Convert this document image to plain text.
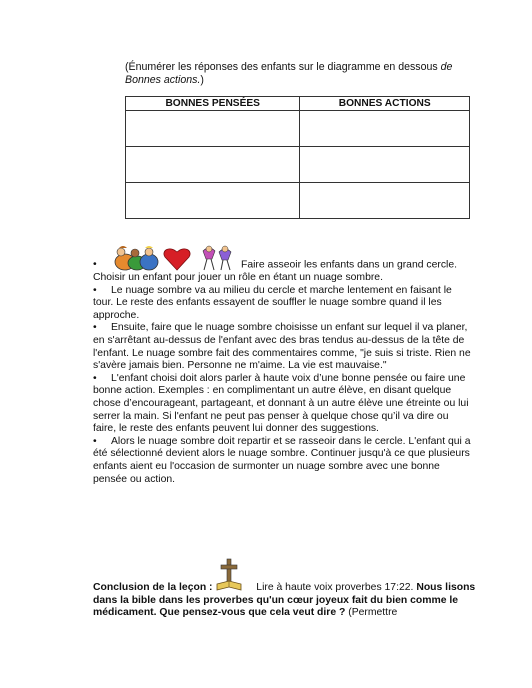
(Énumérer les réponses des enfants sur le diagramme en dessous de Bonnes actions.)
BONNES PENSÉES	BONNES ACTIONS

•	Faire asseoir les enfants dans un grand cercle. Choisir un enfant pour jouer un rôle en étant un nuage sombre.

• Le nuage sombre va au milieu du cercle et marche lentement en faisant le tour. Le reste des enfants essayent de souffler le nuage sombre quand il les approche.

• Ensuite, faire que le nuage sombre choisisse un enfant sur lequel il va planer, en s'arrêtant au-dessus de l'enfant avec des bras tendus au-dessus de la tête de l'enfant. Le nuage sombre fait des commentaires comme, "je suis si triste. Rien ne s'avère jamais bien. Personne ne m'aime. La vie est mauvaise."

• L'enfant choisi doit alors parler à haute voix d’une bonne pensée ou faire une bonne action. Exemples : en complimentant un autre élève, en disant quelque chose d’encourageant, partageant, et donnant à un autre élève une étreinte ou lui serrer la main. Si l'enfant ne peut pas penser à quelque chose qu’il va dire ou faire, le reste des enfants peuvent lui donner des suggestions.

• Alors le nuage sombre doit repartir et se rasseoir dans le cercle. L'enfant qui a été sélectionné devient alors le nuage sombre. Continuer jusqu'à ce que plusieurs enfants aient eu l'occasion de surmonter un nuage sombre avec une bonne pensée ou action.

Conclusion de la leçon :	Lire à haute voix proverbes 17:22. Nous lisons dans la bible dans les proverbes qu'un cœur joyeux fait du bien comme le médicament. Que pensez-vous que cela veut dire ? (Permettre
